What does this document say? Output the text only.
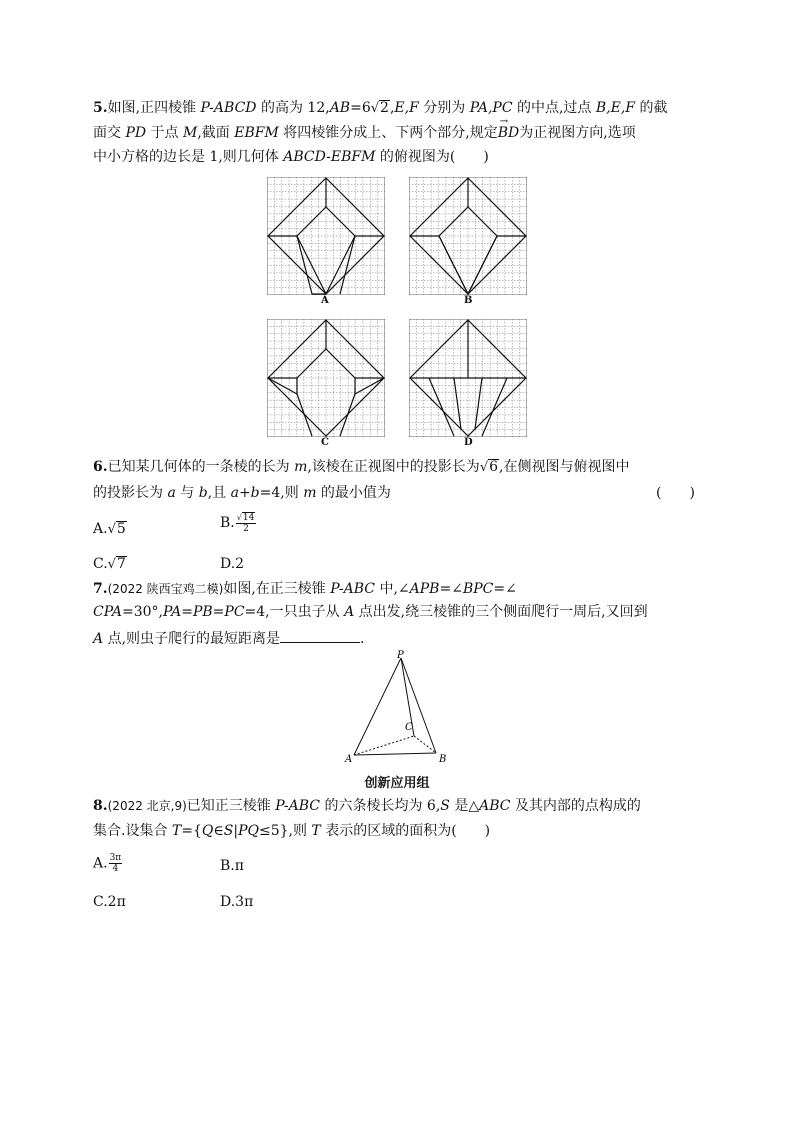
5.如图,正四棱锥 P-ABCD 的高为 12,AB=6√2,E,F 分别为 PA,PC 的中点,过点 B,E,F 的截
面交 PD 于点 M,截面 EBFM 将四棱锥分成上、下两个部分,规定→ BD为正视图方向,选项
中小方格的边长是 1,则几何体 ABCD-EBFM 的俯视图为(　　)
A	B
C	D
6.已知某几何体的一条棱的长为 m,该棱在正视图中的投影长为√6,在侧视图与俯视图中
的投影长为 a 与 b,且 a+b=4,则 m 的最小值为	(　　)
A.√5	B. $\frac{√14}{2}$
C.√7	D.2
7.(2022 陕西宝鸡二模)如图,在正三棱锥 P-ABC 中,∠APB=∠BPC=∠
CPA=30°,PA=PB=PC=4,一只虫子从 A 点出发,绕三棱锥的三个侧面爬行一周后,又回到
A 点,则虫子爬行的最短距离是	.
P
A	B
C
创新应用组
8.(2022 北京,9)已知正三棱锥 P-ABC 的六条棱长均为 6,S 是△ABC 及其内部的点构成的
集合.设集合 T={Q∈S|PQ≤5},则 T 表示的区域的面积为(　　)
A. $\frac{3\pi}{4}$	B.π
C.2π	D.3π
